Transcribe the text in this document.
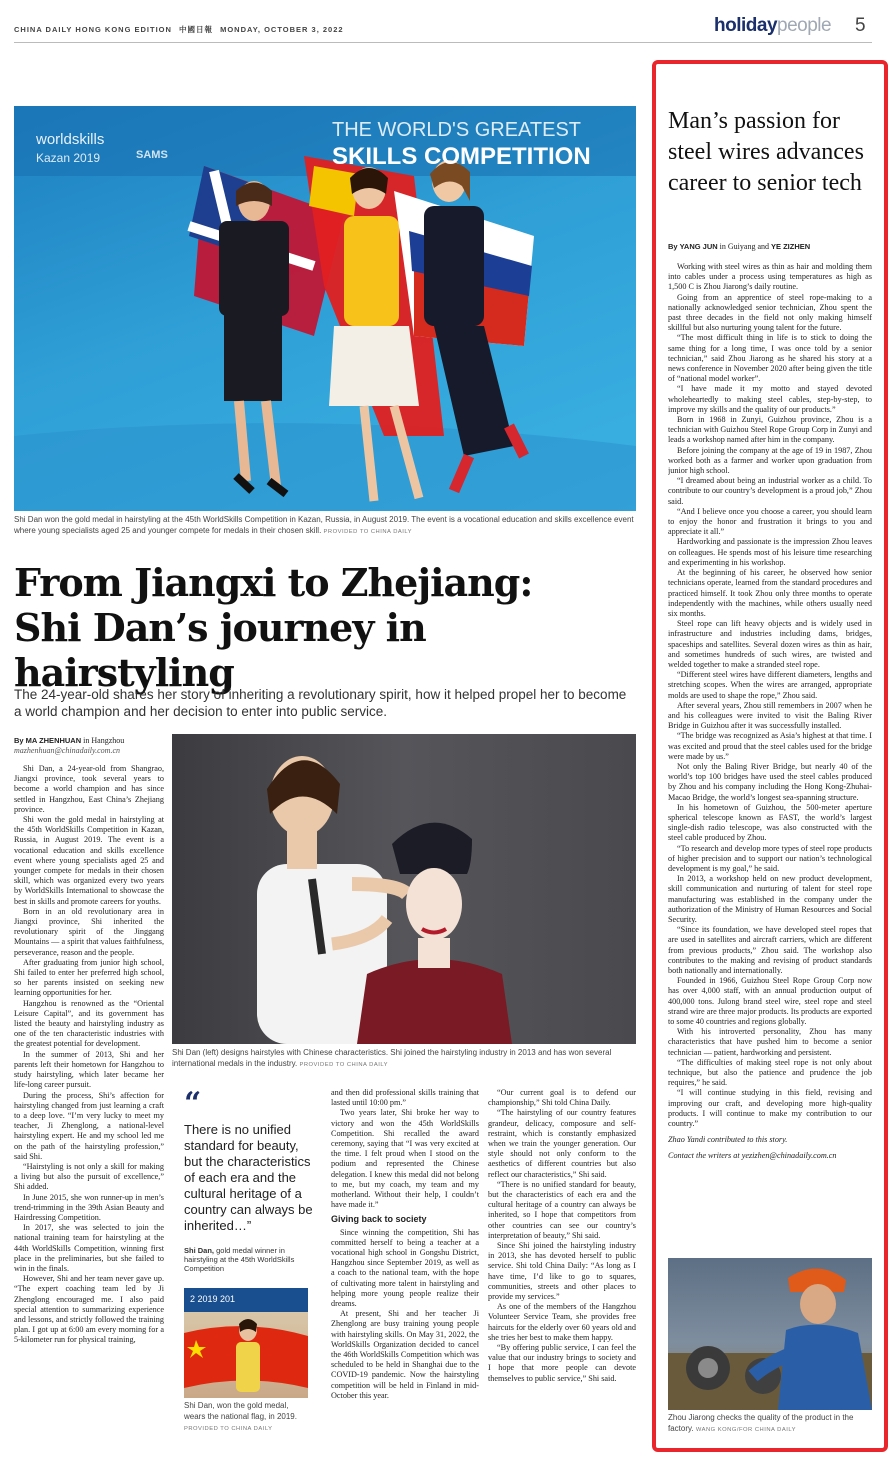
CHINA DAILY HONG KONG EDITION 中國日報 MONDAY, OCTOBER 3, 2022	holidaypeople 5
worldskills
Kazan 2019	SAMS
THE WORLD'S GREATEST
SKILLS COMPETITION
Shi Dan won the gold medal in hairstyling at the 45th WorldSkills Competition in Kazan, Russia, in August 2019. The event is a vocational education and skills excellence event where young specialists aged 25 and younger compete for medals in their chosen skill. PROVIDED TO CHINA DAILY
From Jiangxi to Zhejiang:
Shi Dan’s journey in hairstyling
The 24-year-old shares her story of inheriting a revolutionary spirit, how it helped propel her to become a world champion and her decision to enter into public service.
By MA ZHENHUAN in Hangzhou
mazhenhuan@chinadaily.com.cn

Shi Dan, a 24-year-old from Shangrao, Jiangxi province, took several years to become a world champion and has since settled in Hangzhou, East China’s Zhejiang province.

Shi won the gold medal in hairstyling at the 45th WorldSkills Competition in Kazan, Russia, in August 2019. The event is a vocational education and skills excellence event where young specialists aged 25 and younger compete for medals in their chosen skill, which was organized every two years by WorldSkills International to showcase the best in skills and promote careers for youths.

Born in an old revolutionary area in Jiangxi province, Shi inherited the revolutionary spirit of the Jinggang Mountains — a spirit that values faithfulness, perseverance, reason and the people.

After graduating from junior high school, Shi failed to enter her preferred high school, so her parents insisted on seeking new learning opportunities for her.

Hangzhou is renowned as the “Oriental Leisure Capital”, and its government has listed the beauty and hairstyling industry as one of the ten characteristic industries with the greatest potential for development.

In the summer of 2013, Shi and her parents left their hometown for Hangzhou to study hairstyling, which later became her life-long career pursuit.

During the process, Shi’s affection for hairstyling changed from just learning a craft to a deep love. “I’m very lucky to meet my teacher, Ji Zhenglong, a national-level hairstyling expert. He and my school led me on the path of the hairstyling profession,” said Shi.

“Hairstyling is not only a skill for making a living but also the pursuit of excellence,” Shi added.

In June 2015, she won runner-up in men’s trend-trimming in the 39th Asian Beauty and Hairdressing Competition.

In 2017, she was selected to join the national training team for hairstyling at the 44th WorldSkills Competition, winning first place in the preliminaries, but she failed to win in the finals.

However, Shi and her team never gave up. “The expert coaching team led by Ji Zhenglong encouraged me. I also paid special attention to summarizing experience and lessons, and strictly followed the training plan. I got up at 6:00 am every morning for a 5-kilometer run for physical training,

Shi Dan (left) designs hairstyles with Chinese characteristics. Shi joined the hairstyling industry in 2013 and has won several international medals in the industry. PROVIDED TO CHINA DAILY
“
There is no unified standard for beauty, but the characteristics of each era and the cultural heritage of a country can always be inherited…”
Shi Dan, gold medal winner in hairstyling at the 45th WorldSkills Competition
2 2019 201
Shi Dan, won the gold medal, wears the national flag, in 2019. PROVIDED TO CHINA DAILY

and then did professional skills training that lasted until 10:00 pm.”

Two years later, Shi broke her way to victory and won the 45th WorldSkills Competition. Shi recalled the award ceremony, saying that “I was very excited at the time. I felt proud when I stood on the podium and represented the Chinese delegation. I knew this medal did not belong to me, but my coach, my team and my motherland. Without their help, I couldn’t have made it.”

Giving back to society

Since winning the competition, Shi has committed herself to being a teacher at a vocational high school in Gongshu District, Hangzhou since September 2019, as well as a coach to the national team, with the hope of cultivating more talent in hairstyling and helping more young people realize their dreams.

At present, Shi and her teacher Ji Zhenglong are busy training young people with hairstyling skills. On May 31, 2022, the WorldSkills Organization decided to cancel the 46th WorldSkills Competition which was scheduled to be held in Shanghai due to the COVID-19 pandemic. Now the hairstyling competition will be held in Finland in mid-October this year.

“Our current goal is to defend our championship,” Shi told China Daily.

“The hairstyling of our country features grandeur, delicacy, composure and self-restraint, which is constantly emphasized when we train the younger generation. Our style should not only conform to the aesthetics of different countries but also reflect our characteristics,” Shi said.

“There is no unified standard for beauty, but the characteristics of each era and the cultural heritage of a country can always be inherited, so I hope that competitors from other countries can see our country’s interpretation of beauty,” Shi said.

Since Shi joined the hairstyling industry in 2013, she has devoted herself to public service. Shi told China Daily: “As long as I have time, I’d like to go to squares, communities, streets and other places to provide my services.”

As one of the members of the Hangzhou Volunteer Service Team, she provides free haircuts for the elderly over 60 years old and she tries her best to make them happy.

“By offering public service, I can feel the value that our industry brings to society and I hope that more people can devote themselves to public service,” Shi said.

Man’s passion for steel wires advances career to senior tech
By YANG JUN in Guiyang and YE ZIZHEN

Working with steel wires as thin as hair and molding them into cables under a process using temperatures as high as 1,500 C is Zhou Jiarong’s daily routine.

Going from an apprentice of steel rope-making to a nationally acknowledged senior technician, Zhou spent the past three decades in the field not only making himself skillful but also nurturing young talent for the future.

“The most difficult thing in life is to stick to doing the same thing for a long time, I was once told by a senior technician,” said Zhou Jiarong as he shared his story at a news conference in November 2020 after being given the title of “national model worker”.

“I have made it my motto and stayed devoted wholeheartedly to making steel cables, step-by-step, to improve my skills and the quality of our products.”

Born in 1968 in Zunyi, Guizhou province, Zhou is a technician with Guizhou Steel Rope Group Corp in Zunyi and leads a workshop named after him in the company.

Before joining the company at the age of 19 in 1987, Zhou worked both as a farmer and worker upon graduation from junior high school.

“I dreamed about being an industrial worker as a child. To contribute to our country’s development is a proud job,” Zhou said.

“And I believe once you choose a career, you should learn to enjoy the honor and frustration it brings to you and appreciate it all.”

Hardworking and passionate is the impression Zhou leaves on colleagues. He spends most of his leisure time researching and experimenting in his workshop.

At the beginning of his career, he observed how senior technicians operate, learned from the standard procedures and practiced himself. It took Zhou only three months to operate independently with the machines, while others usually need six months.

Steel rope can lift heavy objects and is widely used in infrastructure and industries including dams, bridges, spaceships and satellites. Several dozen wires as thin as hair, and sometimes hundreds of such wires, are twisted and welded together to make a stranded steel rope.

“Different steel wires have different diameters, lengths and stretching scopes. When the wires are arranged, appropriate molds are used to shape the rope,” Zhou said.

After several years, Zhou still remembers in 2007 when he and his colleagues were invited to visit the Baling River Bridge in Guizhou after it was successfully installed.

“The bridge was recognized as Asia’s highest at that time. I was excited and proud that the steel cables used for the bridge were made by us.”

Not only the Baling River Bridge, but nearly 40 of the world’s top 100 bridges have used the steel cables produced by Zhou and his company including the Hong Kong-Zhuhai-Macao Bridge, the world’s longest sea-spanning structure.

In his hometown of Guizhou, the 500-meter aperture spherical telescope known as FAST, the world’s largest single-dish radio telescope, was also constructed with the steel cable produced by Zhou.

“To research and develop more types of steel rope products of higher precision and to support our nation’s technological development is my goal,” he said.

In 2013, a workshop held on new product development, skill communication and nurturing of talent for steel rope manufacturing was established in the company under the authorization of the Ministry of Human Resources and Social Security.

“Since its foundation, we have developed steel ropes that are used in satellites and aircraft carriers, which are different from previous products,” Zhou said. The workshop also contributes to the making and revising of product standards both nationally and internationally.

Founded in 1966, Guizhou Steel Rope Group Corp now has over 4,000 staff, with an annual production output of 400,000 tons. Julong brand steel wire, steel rope and steel strand wire are three major products. Its products are exported to some 40 countries and regions globally.

With his introverted personality, Zhou has many characteristics that have pushed him to become a senior technician — patient, hardworking and persistent.

“The difficulties of making steel rope is not only about technique, but also the patience and prudence the job requires,” he said.

“I will continue studying in this field, revising and improving our craft, and developing more high-quality products. I will continue to make my contribution to our country.”

Zhao Yandi contributed to this story.

Contact the writers at yezizhen@chinadaily.com.cn

Zhou Jiarong checks the quality of the product in the factory. WANG KONG/FOR CHINA DAILY
